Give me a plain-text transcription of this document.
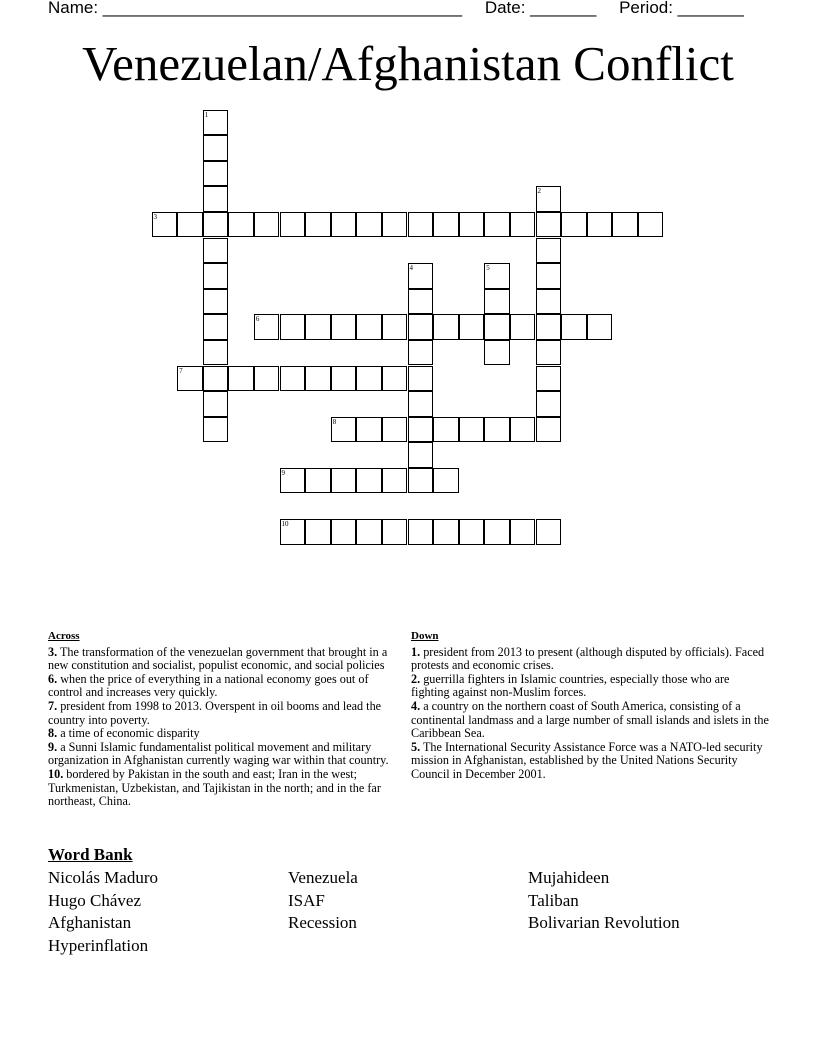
Name: ______________________________________ Date: _______ Period: _______
Venezuelan/Afghanistan Conflict
1
2
3
4	5
6
7
8
9
10
Across
3. The transformation of the venezuelan government that brought in a new constitution and socialist, populist economic, and social policies
6. when the price of everything in a national economy goes out of control and increases very quickly.
7. president from 1998 to 2013. Overspent in oil booms and lead the country into poverty.
8. a time of economic disparity
9. a Sunni Islamic fundamentalist political movement and military organization in Afghanistan currently waging war within that country.
10. bordered by Pakistan in the south and east; Iran in the west; Turkmenistan, Uzbekistan, and Tajikistan in the north; and in the far northeast, China.
Down
1. president from 2013 to present (although disputed by officials). Faced protests and economic crises.
2. guerrilla fighters in Islamic countries, especially those who are fighting against non-Muslim forces.
4. a country on the northern coast of South America, consisting of a continental landmass and a large number of small islands and islets in the Caribbean Sea.
5. The International Security Assistance Force was a NATO-led security mission in Afghanistan, established by the United Nations Security Council in December 2001.
Word Bank
Nicolás Maduro	Venezuela	Mujahideen
Hugo Chávez	ISAF	Taliban
Afghanistan	Recession	Bolivarian Revolution
Hyperinflation
